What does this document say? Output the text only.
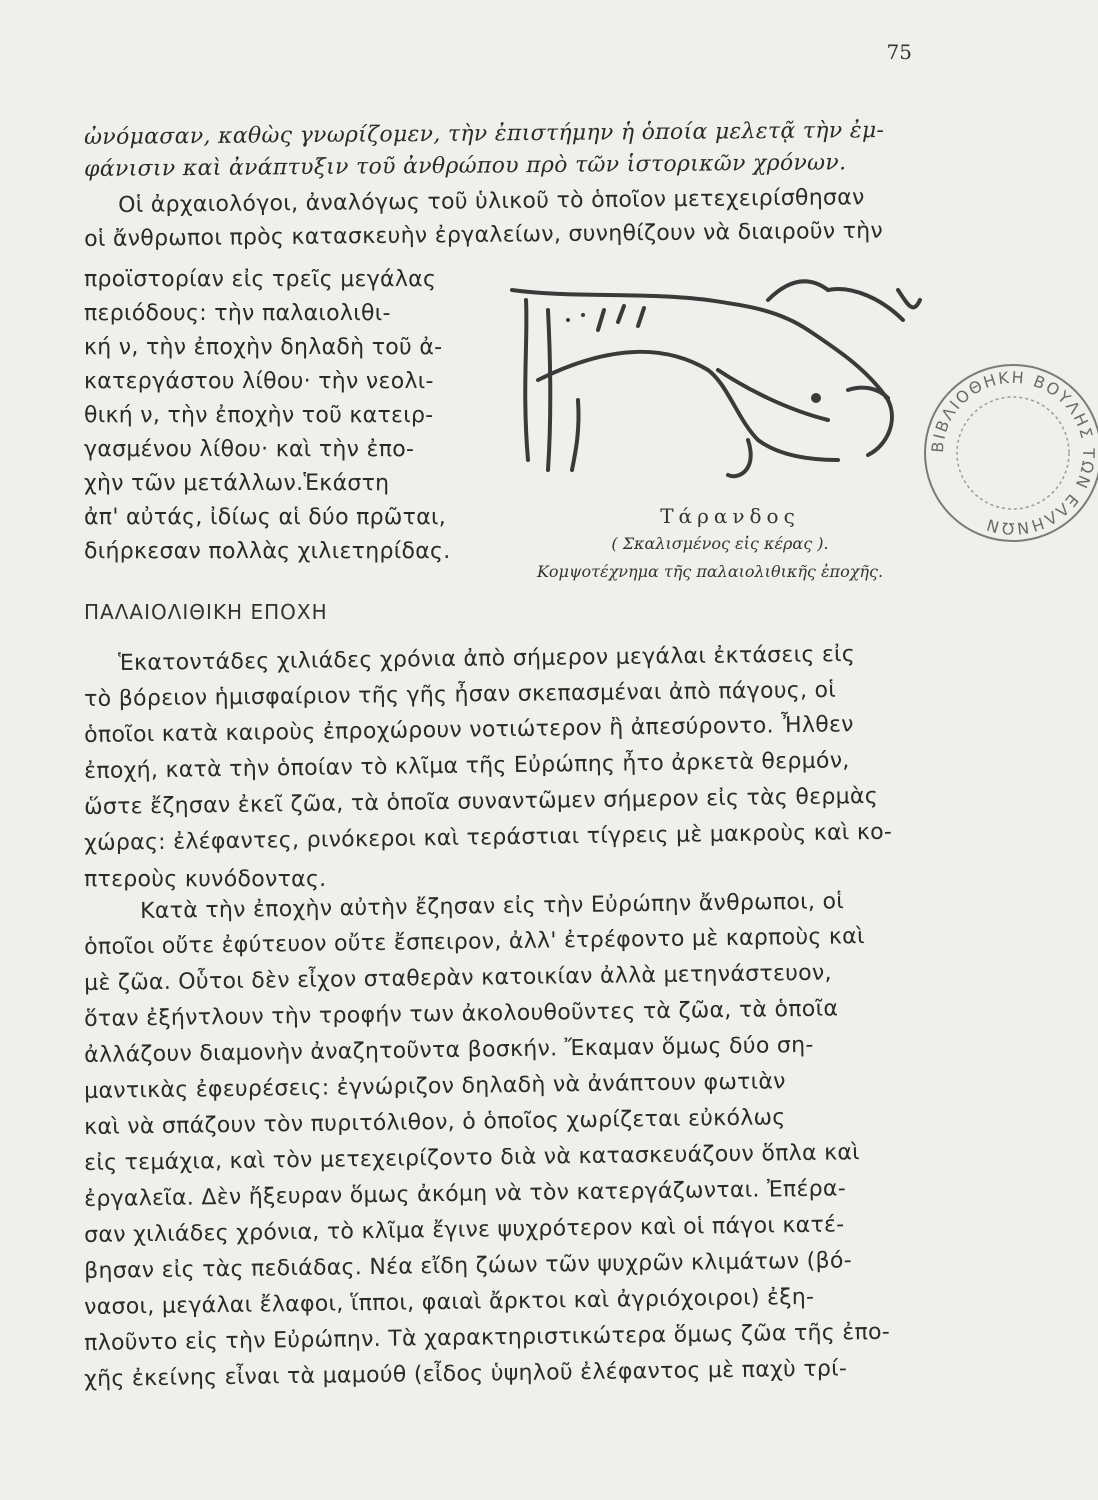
75
ὠνόμασαν, καθὼς γνωρίζομεν, τὴν ἐπιστήμην ἡ ὁποία μελετᾷ τὴν ἐμ-
φάνισιν καὶ ἀνάπτυξιν τοῦ ἀνθρώπου πρὸ τῶν ἱστορικῶν χρόνων.
Οἱ ἀρχαιολόγοι, ἀναλόγως τοῦ ὑλικοῦ τὸ ὁποῖον μετεχειρίσθησαν
οἱ ἄνθρωποι πρὸς κατασκευὴν ἐργαλείων, συνηθίζουν νὰ διαιροῦν τὴν
προϊστορίαν εἰς τρεῖς μεγάλας
περιόδους: τὴν παλαιολιθι-
κή ν, τὴν ἐποχὴν δηλαδὴ τοῦ ἀ-
κατεργάστου λίθου· τὴν νεολι-
θική ν, τὴν ἐποχὴν τοῦ κατειρ-
γασμένου λίθου· καὶ τὴν ἐπο-
χὴν τῶν μετάλλων.Ἑκάστη
ἀπ' αὐτάς, ἰδίως αἱ δύο πρῶται,
διήρκεσαν πολλὰς χιλιετηρίδας.
Τάρανδος
( Σκαλισμένος εἰς κέρας ).
Κομψοτέχνημα τῆς παλαιολιθικῆς ἐποχῆς.
ΒΙΒΛΙΟΘΗΚΗ ΒΟΥΛΗΣ ΤΩΝ ΕΛΛΗΝΩΝ
ΠΑΛΑΙΟΛΙΘΙΚΗ ΕΠΟΧΗ
Ἑκατοντάδες χιλιάδες χρόνια ἀπὸ σήμερον μεγάλαι ἐκτάσεις εἰς
τὸ βόρειον ἡμισφαίριον τῆς γῆς ἦσαν σκεπασμέναι ἀπὸ πάγους, οἱ
ὁποῖοι κατὰ καιροὺς ἐπροχώρουν νοτιώτερον ἢ ἀπεσύροντο. Ἦλθεν
ἐποχή, κατὰ τὴν ὁποίαν τὸ κλῖμα τῆς Εὐρώπης ἦτο ἀρκετὰ θερμόν,
ὥστε ἔζησαν ἐκεῖ ζῶα, τὰ ὁποῖα συναντῶμεν σήμερον εἰς τὰς θερμὰς
χώρας: ἐλέφαντες, ρινόκεροι καὶ τεράστιαι τίγρεις μὲ μακροὺς καὶ κο-
πτεροὺς κυνόδοντας.
Κατὰ τὴν ἐποχὴν αὐτὴν ἔζησαν εἰς τὴν Εὐρώπην ἄνθρωποι, οἱ
ὁποῖοι οὔτε ἐφύτευον οὔτε ἔσπειρον, ἀλλ' ἐτρέφοντο μὲ καρποὺς καὶ
μὲ ζῶα. Οὗτοι δὲν εἶχον σταθερὰν κατοικίαν ἀλλὰ μετηνάστευον,
ὅταν ἐξήντλουν τὴν τροφήν των ἀκολουθοῦντες τὰ ζῶα, τὰ ὁποῖα
ἀλλάζουν διαμονὴν ἀναζητοῦντα βοσκήν. Ἔκαμαν ὅμως δύο ση-
μαντικὰς ἐφευρέσεις: ἐγνώριζον δηλαδὴ νὰ ἀνάπτουν φωτιὰν
καὶ νὰ σπάζουν τὸν πυριτόλιθον, ὁ ὁποῖος χωρίζεται εὐκόλως
εἰς τεμάχια, καὶ τὸν μετεχειρίζοντο διὰ νὰ κατασκευάζουν ὅπλα καὶ
ἐργαλεῖα. Δὲν ἤξευραν ὅμως ἀκόμη νὰ τὸν κατεργάζωνται. Ἐπέρα-
σαν χιλιάδες χρόνια, τὸ κλῖμα ἔγινε ψυχρότερον καὶ οἱ πάγοι κατέ-
βησαν εἰς τὰς πεδιάδας. Νέα εἴδη ζώων τῶν ψυχρῶν κλιμάτων (βό-
νασοι, μεγάλαι ἔλαφοι, ἵπποι, φαιαὶ ἄρκτοι καὶ ἀγριόχοιροι) ἐξη-
πλοῦντο εἰς τὴν Εὐρώπην. Τὰ χαρακτηριστικώτερα ὅμως ζῶα τῆς ἐπο-
χῆς ἐκείνης εἶναι τὰ μαμούθ (εἶδος ὑψηλοῦ ἐλέφαντος μὲ παχὺ τρί-
